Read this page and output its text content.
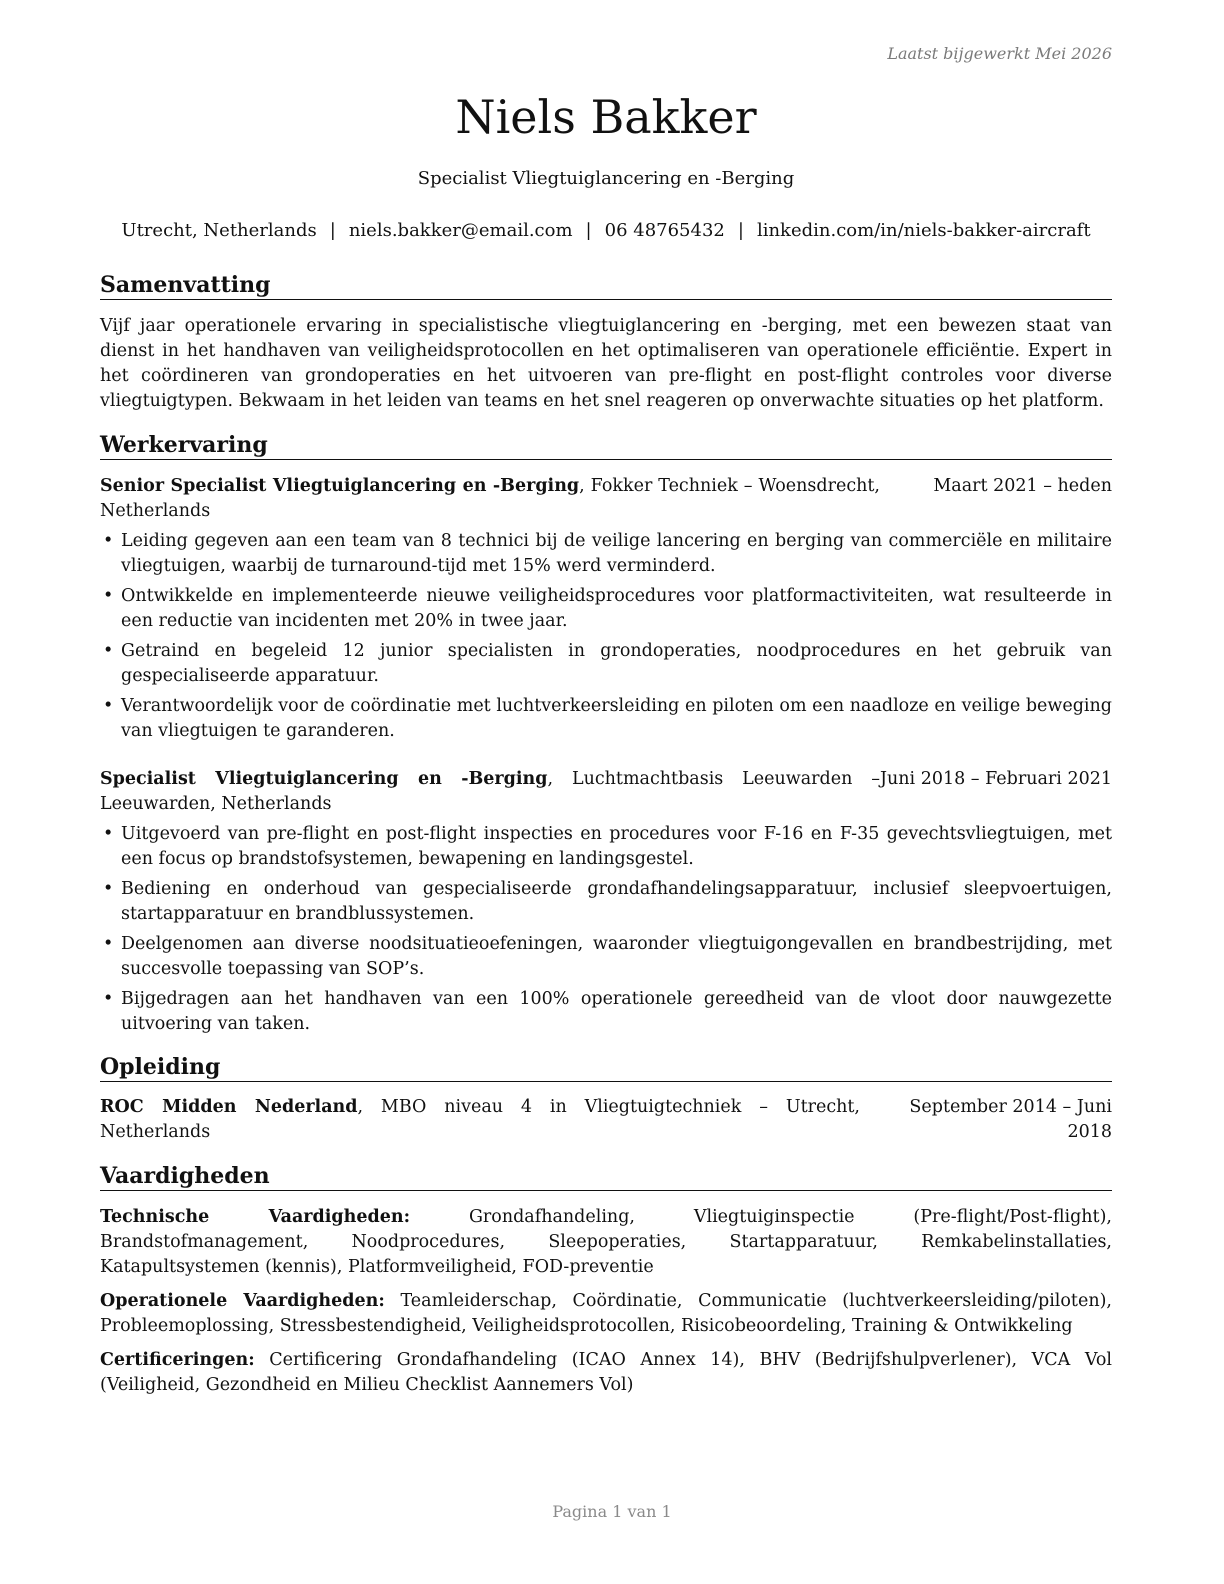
Laatst bijgewerkt Mei 2026
Niels Bakker
Specialist Vliegtuiglancering en -Berging
Utrecht, Netherlands | niels.bakker@email.com | 06 48765432 | linkedin.com/in/niels-bakker-aircraft
Samenvatting
Vijf jaar operationele ervaring in specialistische vliegtuiglancering en -berging, met een bewezen staat van dienst in het handhaven van veiligheidsprotocollen en het optimaliseren van operationele efficiëntie. Expert in het coördineren van grondoperaties en het uitvoeren van pre-flight en post-flight controles voor diverse vliegtuigtypen. Bekwaam in het leiden van teams en het snel reageren op onverwachte situaties op het platform.
Werkervaring
Senior Specialist Vliegtuiglancering en -Berging, Fokker Techniek – Woensdrecht, Netherlands
Maart 2021 – heden
• Leiding gegeven aan een team van 8 technici bij de veilige lancering en berging van commerciële en militaire vliegtuigen, waarbij de turnaround-tijd met 15% werd verminderd.
• Ontwikkelde en implementeerde nieuwe veiligheidsprocedures voor platformactiviteiten, wat resulteerde in een reductie van incidenten met 20% in twee jaar.
• Getraind en begeleid 12 junior specialisten in grondoperaties, noodprocedures en het gebruik van gespecialiseerde apparatuur.
• Verantwoordelijk voor de coördinatie met luchtverkeersleiding en piloten om een naadloze en veilige beweging van vliegtuigen te garanderen.
Specialist Vliegtuiglancering en -Berging, Luchtmachtbasis Leeuwarden – Leeuwarden, Netherlands
Juni 2018 – Februari 2021
• Uitgevoerd van pre-flight en post-flight inspecties en procedures voor F-16 en F-35 gevechtsvliegtuigen, met een focus op brandstofsystemen, bewapening en landingsgestel.
• Bediening en onderhoud van gespecialiseerde grondafhandelingsapparatuur, inclusief sleepvoertuigen, startapparatuur en brandblussystemen.
• Deelgenomen aan diverse noodsituatieoefeningen, waaronder vliegtuigongevallen en brandbestrijding, met succesvolle toepassing van SOP’s.
• Bijgedragen aan het handhaven van een 100% operationele gereedheid van de vloot door nauwgezette uitvoering van taken.
Opleiding
ROC Midden Nederland, MBO niveau 4 in Vliegtuigtechniek – Utrecht, Netherlands
September 2014 – Juni 2018
Vaardigheden
Technische Vaardigheden:	Grondafhandeling, Vliegtuiginspectie (Pre-flight/Post-flight), Brandstofmanagement, Noodprocedures, Sleepoperaties, Startapparatuur, Remkabelinstallaties, Katapultsystemen (kennis), Platformveiligheid, FOD-preventie
Operationele Vaardigheden: Teamleiderschap, Coördinatie, Communicatie (luchtverkeersleiding/piloten), Probleemoplossing, Stressbestendigheid, Veiligheidsprotocollen, Risicobeoordeling, Training & Ontwikkeling
Certificeringen: Certificering Grondafhandeling (ICAO Annex 14), BHV (Bedrijfshulpverlener), VCA Vol (Veiligheid, Gezondheid en Milieu Checklist Aannemers Vol)
Pagina 1 van 1
